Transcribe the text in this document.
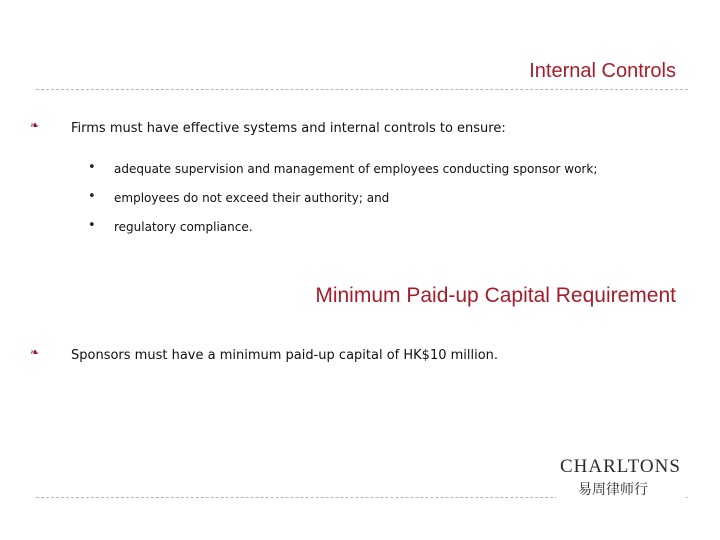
Internal Controls
❧ Firms must have effective systems and internal controls to ensure:
• adequate supervision and management of employees conducting sponsor work;
• employees do not exceed their authority; and
• regulatory compliance.
Minimum Paid-up Capital Requirement
❧ Sponsors must have a minimum paid-up capital of HK$10 million.
CHARLTONS
易周律师行
